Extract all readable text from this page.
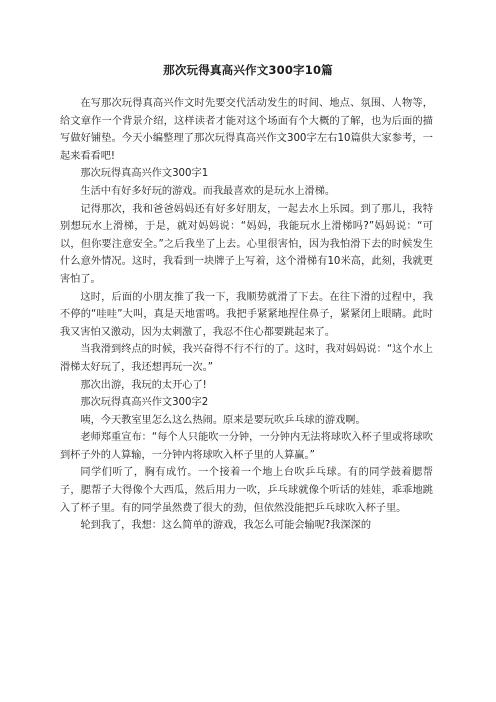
那次玩得真高兴作文300字10篇

在写那次玩得真高兴作文时先要交代活动发生的时间、地点、氛围、人物等，给文章作一个背景介绍，这样读者才能对这个场面有个大概的了解，也为后面的描写做好铺垫。今天小编整理了那次玩得真高兴作文300字左右10篇供大家参考，一起来看看吧!

那次玩得真高兴作文300字1

生活中有好多好玩的游戏。而我最喜欢的是玩水上滑梯。

记得那次，我和爸爸妈妈还有好多好朋友，一起去水上乐园。到了那儿，我特别想玩水上滑梯，于是，就对妈妈说：“妈妈，我能玩水上滑梯吗?”妈妈说：“可以，但你要注意安全。”之后我坐了上去。心里很害怕，因为我怕滑下去的时候发生什么意外情况。这时，我看到一块牌子上写着，这个滑梯有10米高，此刻，我就更害怕了。

这时，后面的小朋友推了我一下，我顺势就滑了下去。在往下滑的过程中，我不停的“哇哇”大叫，真是天地雷鸣。我把手紧紧地捏住鼻子，紧紧闭上眼睛。此时我又害怕又激动，因为太刺激了，我忍不住心都要跳起来了。

当我滑到终点的时候，我兴奋得不行不行的了。这时，我对妈妈说：“这个水上滑梯太好玩了，我还想再玩一次。”

那次出游，我玩的太开心了!

那次玩得真高兴作文300字2

咦，今天教室里怎么这么热闹。原来是要玩吹乒乓球的游戏啊。

老师郑重宣布：“每个人只能吹一分钟，一分钟内无法将球吹入杯子里或将球吹到杯子外的人算输，一分钟内将球吹入杯子里的人算赢。”

同学们听了，胸有成竹。一个接着一个地上台吹乒乓球。有的同学鼓着腮帮子，腮帮子大得像个大西瓜，然后用力一吹，乒乓球就像个听话的娃娃，乖乖地跳入了杯子里。有的同学虽然费了很大的劲，但依然没能把乒乓球吹入杯子里。

轮到我了，我想：这么简单的游戏，我怎么可能会输呢?我深深的
